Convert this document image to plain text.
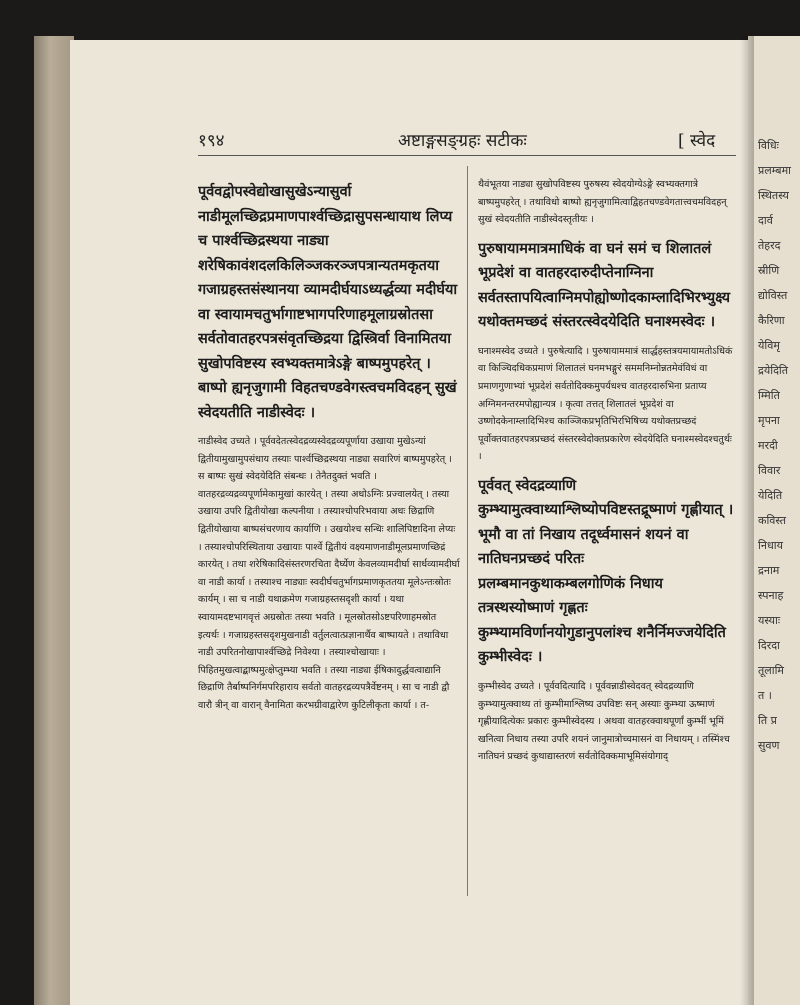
१९४	अष्टाङ्गसङ्ग्रहः सटीकः	[ स्वेद

पूर्ववद्वोपस्वेद्योखासुखेऽन्यासुर्वा नाडीमूलच्छिद्रप्रमाणपार्श्वच्छिद्रासुपसन्धायाथ लिप्य च पार्श्वच्छिद्रस्थया नाड्या शरेषिकावंशदलकिलिञ्जकरञ्जपत्रान्यतमकृतया गजाग्रहस्तसंस्थानया व्यामदीर्घयाऽध्यर्द्धव्या मदीर्घया वा स्वायामचतुर्भागाष्टभागपरिणाहमूलाग्रस्रोतसा सर्वतोवातहरपत्रसंवृतच्छिद्रया द्विस्त्रिर्वा विनामितया सुखोपविष्टस्य स्वभ्यक्तमात्रेऽङ्गे बाष्पमुपहरेत् । बाष्पो ह्यनृजुगामी विहतचण्डवेगस्त्वचमविदहन् सुखं स्वेदयतीति नाडीस्वेदः ।

नाडीस्वेद उच्यते । पूर्ववदेतत्स्वेदद्रव्यस्वेदद्रव्यपूर्णाया उखाया मुखेऽन्यां द्वितीयामुखामुपसंधाय तस्याः पार्श्वच्छिद्रस्थया नाड्या सवारिणं बाष्पमुपहरेत् । स बाष्पः सुखं स्वेदयेदिति संबन्धः । तेनैतदुक्तं भवति । वातहरद्रव्यद्रव्यपूर्णामेकामुखां कारयेत् । तस्या अधोऽग्निः प्रज्वालयेत् । तस्या उखाया उपरि द्वितीयोखा कल्पनीया । तस्याश्चोपरिभवाया अधः छिद्राणि द्वितीयोखाया बाष्पसंचरणाय कार्याणि । उखयोश्च सन्धिः शालिपिष्टादिना लेप्यः । तस्याश्चोपरिस्थिताया उखायाः पार्श्वे द्वितीयं वक्ष्यमाणनाडीमूलप्रमाणच्छिद्रं कारयेत् । तथा शरेषिकादिसंस्तरणरचिता दैर्घ्येण केवलव्यामदीर्घा सार्धव्यामदीर्घा वा नाडी कार्या । तस्याश्च नाड्याः स्वदीर्घचतुर्भागप्रमाणकृततया मूलेऽन्तःस्रोतः कार्यम् । सा च नाडी यथाक्रमेण गजाग्रहस्तसदृशी कार्या । यथा स्वायामदष्टभागवृत्तं अग्रस्रोतः तस्या भवति । मूलस्रोतसोऽष्टपरिणाहमस्रोत इत्यर्थः । गजाग्रहस्तसदृशमुखनाडी वर्तुलत्वात्प्रज्ञानार्थैव बाष्पायते । तथाविधा नाडी उपरितनोखापार्श्वच्छिद्रे निवेश्या । तस्याश्चोखायाः । पिहितमुखत्वाद्बाष्पमुत्क्षेप्तुम्भ्या भवति । तस्या नाड्या ईषिकादुर्द्धवत्वाद्यानि छिद्राणि तैर्बाष्पनिर्गमपरिहाराय सर्वतो वातहरद्रव्यपत्रैर्वेष्टनम् । सा च नाडी द्वौ वारौ त्रीन् वा वारान् वैनामिता करभग्रीवाद्वारेण कुटिलीकृता कार्या । त-

थैवंभूतया नाड्या सुखोपविष्टस्य पुरुषस्य स्वेदयोग्येऽङ्गे स्वभ्यक्तगात्रे बाष्पमुपहरेत् । तथाविधो बाष्पो ह्यनृजुगामित्वाद्विहतचण्डवेगतात्त्वचमविदहन् सुखं स्वेदयतीति नाडीस्वेदस्तृतीयः ।

पुरुषायाममात्रमाधिकं वा घनं समं च शिलातलं भूप्रदेशं वा वातहरदारुदीप्तेनाग्निना सर्वतस्तापयित्वाग्निमपोह्योष्णोदकाम्लादिभिरभ्युक्ष्य यथोक्तमच्छदं संस्तरत्स्वेदयेदिति घनाश्मस्वेदः ।

घनाश्मस्वेद उच्यते । पुरुषेत्यादि । पुरुषायाममात्रं सार्द्धहस्तत्रयमायामतोऽधिकं वा किञ्चिदधिकप्रमाणं शिलातलं घनमभङ्गुरं सममनिम्नोन्नतमेवंविधं वा प्रमाणगुणाभ्यां भूप्रदेशं सर्वतोदिक्कमुपर्यधश्च वातहरदारुभिना प्रताप्य अग्निमनन्तरमपोह्यान्यत्र । कृत्वा तत्तत् शिलातलं भूप्रदेशं वा उष्णोदकेनाम्लादिभिश्च काञ्जिकप्रभृतिभिरभिषिच्य यथोक्तप्रच्छदं पूर्वोक्तवातहरपत्रप्रच्छदं संस्तरस्वेदोक्तप्रकारेण स्वेदयेदिति घनाश्मस्वेदश्चतुर्थः ।

पूर्ववत् स्वेदद्रव्याणि कुम्भ्यामुत्क्वाथ्याश्लिष्योपविष्टस्तद्रूष्माणं गृह्णीयात् । भूमौ वा तां निखाय तदूर्ध्वमासनं शयनं वा नातिघनप्रच्छदं परितः प्रलम्बमानकुथाकम्बलगोणिकं निधाय तत्रस्थस्योष्माणं गृह्णतः कुम्भ्यामविर्णानयोगुडानुपलांश्च शनैर्निमज्जयेदिति कुम्भीस्वेदः ।

कुम्भीस्वेद उच्यते । पूर्ववदित्यादि । पूर्ववन्नाडीस्वेदवत् स्वेदद्रव्याणि कुम्भ्यामुत्क्वाथ्य तां कुम्भीमाश्लिष्य उपविष्टः सन् अस्याः कुम्भ्या ऊष्माणं गृह्णीयादित्येकः प्रकारः कुम्भीस्वेदस्य । अथवा वातहरक्वाथपूर्णां कुम्भीं भूमिं खनित्वा निधाय तस्या उपरि शयनं जानुमात्रोच्चमासनं वा निधायम् । तस्मिंश्च नातिघनं प्रच्छदं कुथाद्यास्तरणं सर्वतोदिक्कमाभूमिसंयोगाद्

विधिः
प्रलम्बमा
स्थितस्य
दार्व
तेहरद
स्रीणि
द्योविस्त
कैरिणा
येविमृ
द्रयेदिति
म्मिति
मृपना
मरदी
विवार
येदिति
कविस्त
निधाय
द्रनाम
स्पनाह
यस्याः
दिरदा
तूलामि
त ।
ति प्र
सुवण
